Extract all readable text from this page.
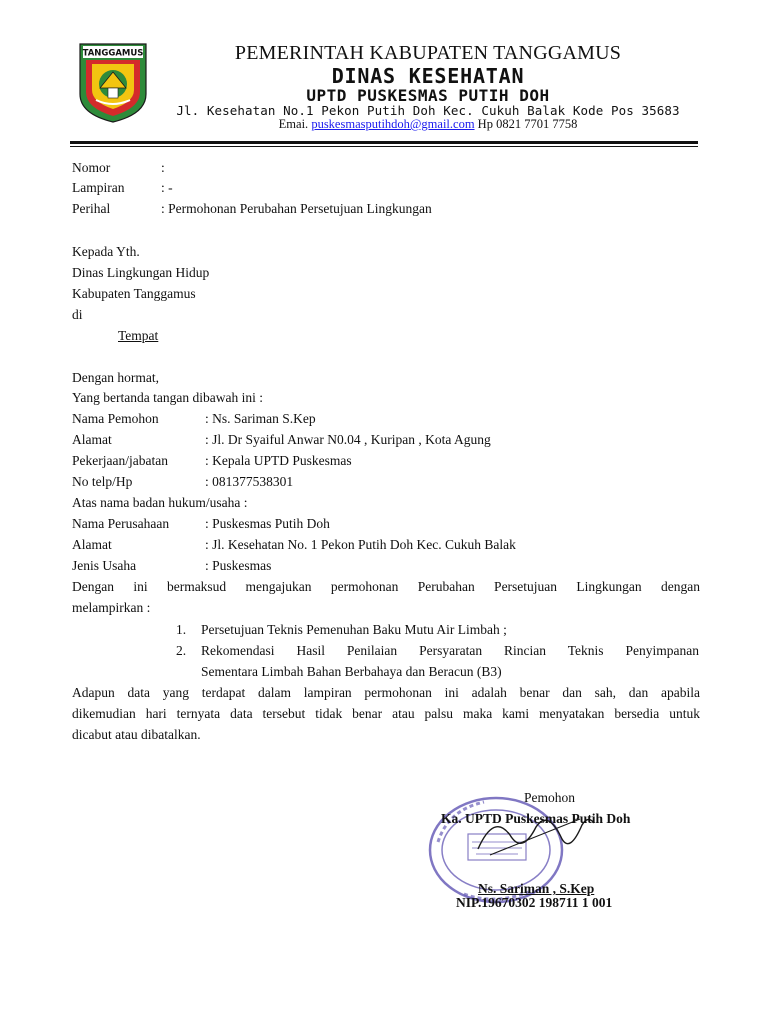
TANGGAMUS	PEMERINTAH KABUPATEN TANGGAMUS
DINAS KESEHATAN
UPTD PUSKESMAS PUTIH DOH
Jl. Kesehatan No.1 Pekon Putih Doh Kec. Cukuh Balak Kode Pos 35683
Emai. puskesmasputihdoh@gmail.com Hp 0821 7701 7758
Nomor	:
Lampiran	: -
Perihal	: Permohonan Perubahan Persetujuan Lingkungan
Kepada Yth.
Dinas Lingkungan Hidup
Kabupaten Tanggamus
di
Tempat
Dengan hormat,
Yang bertanda tangan dibawah ini :
Nama Pemohon	: Ns. Sariman S.Kep
Alamat	: Jl. Dr Syaiful Anwar N0.04 , Kuripan , Kota Agung
Pekerjaan/jabatan	: Kepala UPTD Puskesmas
No telp/Hp	: 081377538301
Atas nama badan hukum/usaha :
Nama Perusahaan	: Puskesmas Putih Doh
Alamat	: Jl. Kesehatan No. 1 Pekon Putih Doh Kec. Cukuh Balak
Jenis Usaha	: Puskesmas
Dengan ini bermaksud mengajukan permohonan Perubahan Persetujuan Lingkungan dengan
melampirkan :
1. Persetujuan Teknis Pemenuhan Baku Mutu Air Limbah ;
2. Rekomendasi Hasil Penilaian Persyaratan Rincian Teknis Penyimpanan
Sementara Limbah Bahan Berbahaya dan Beracun (B3)
Adapun data yang terdapat dalam lampiran permohonan ini adalah benar dan sah, dan apabila
dikemudian hari ternyata data tersebut tidak benar atau palsu maka kami menyatakan bersedia untuk
dicabut atau dibatalkan.
Pemohon
Ka. UPTD Puskesmas Putih Doh
Ns. Sariman , S.Kep
NIP.19670302 198711 1 001
